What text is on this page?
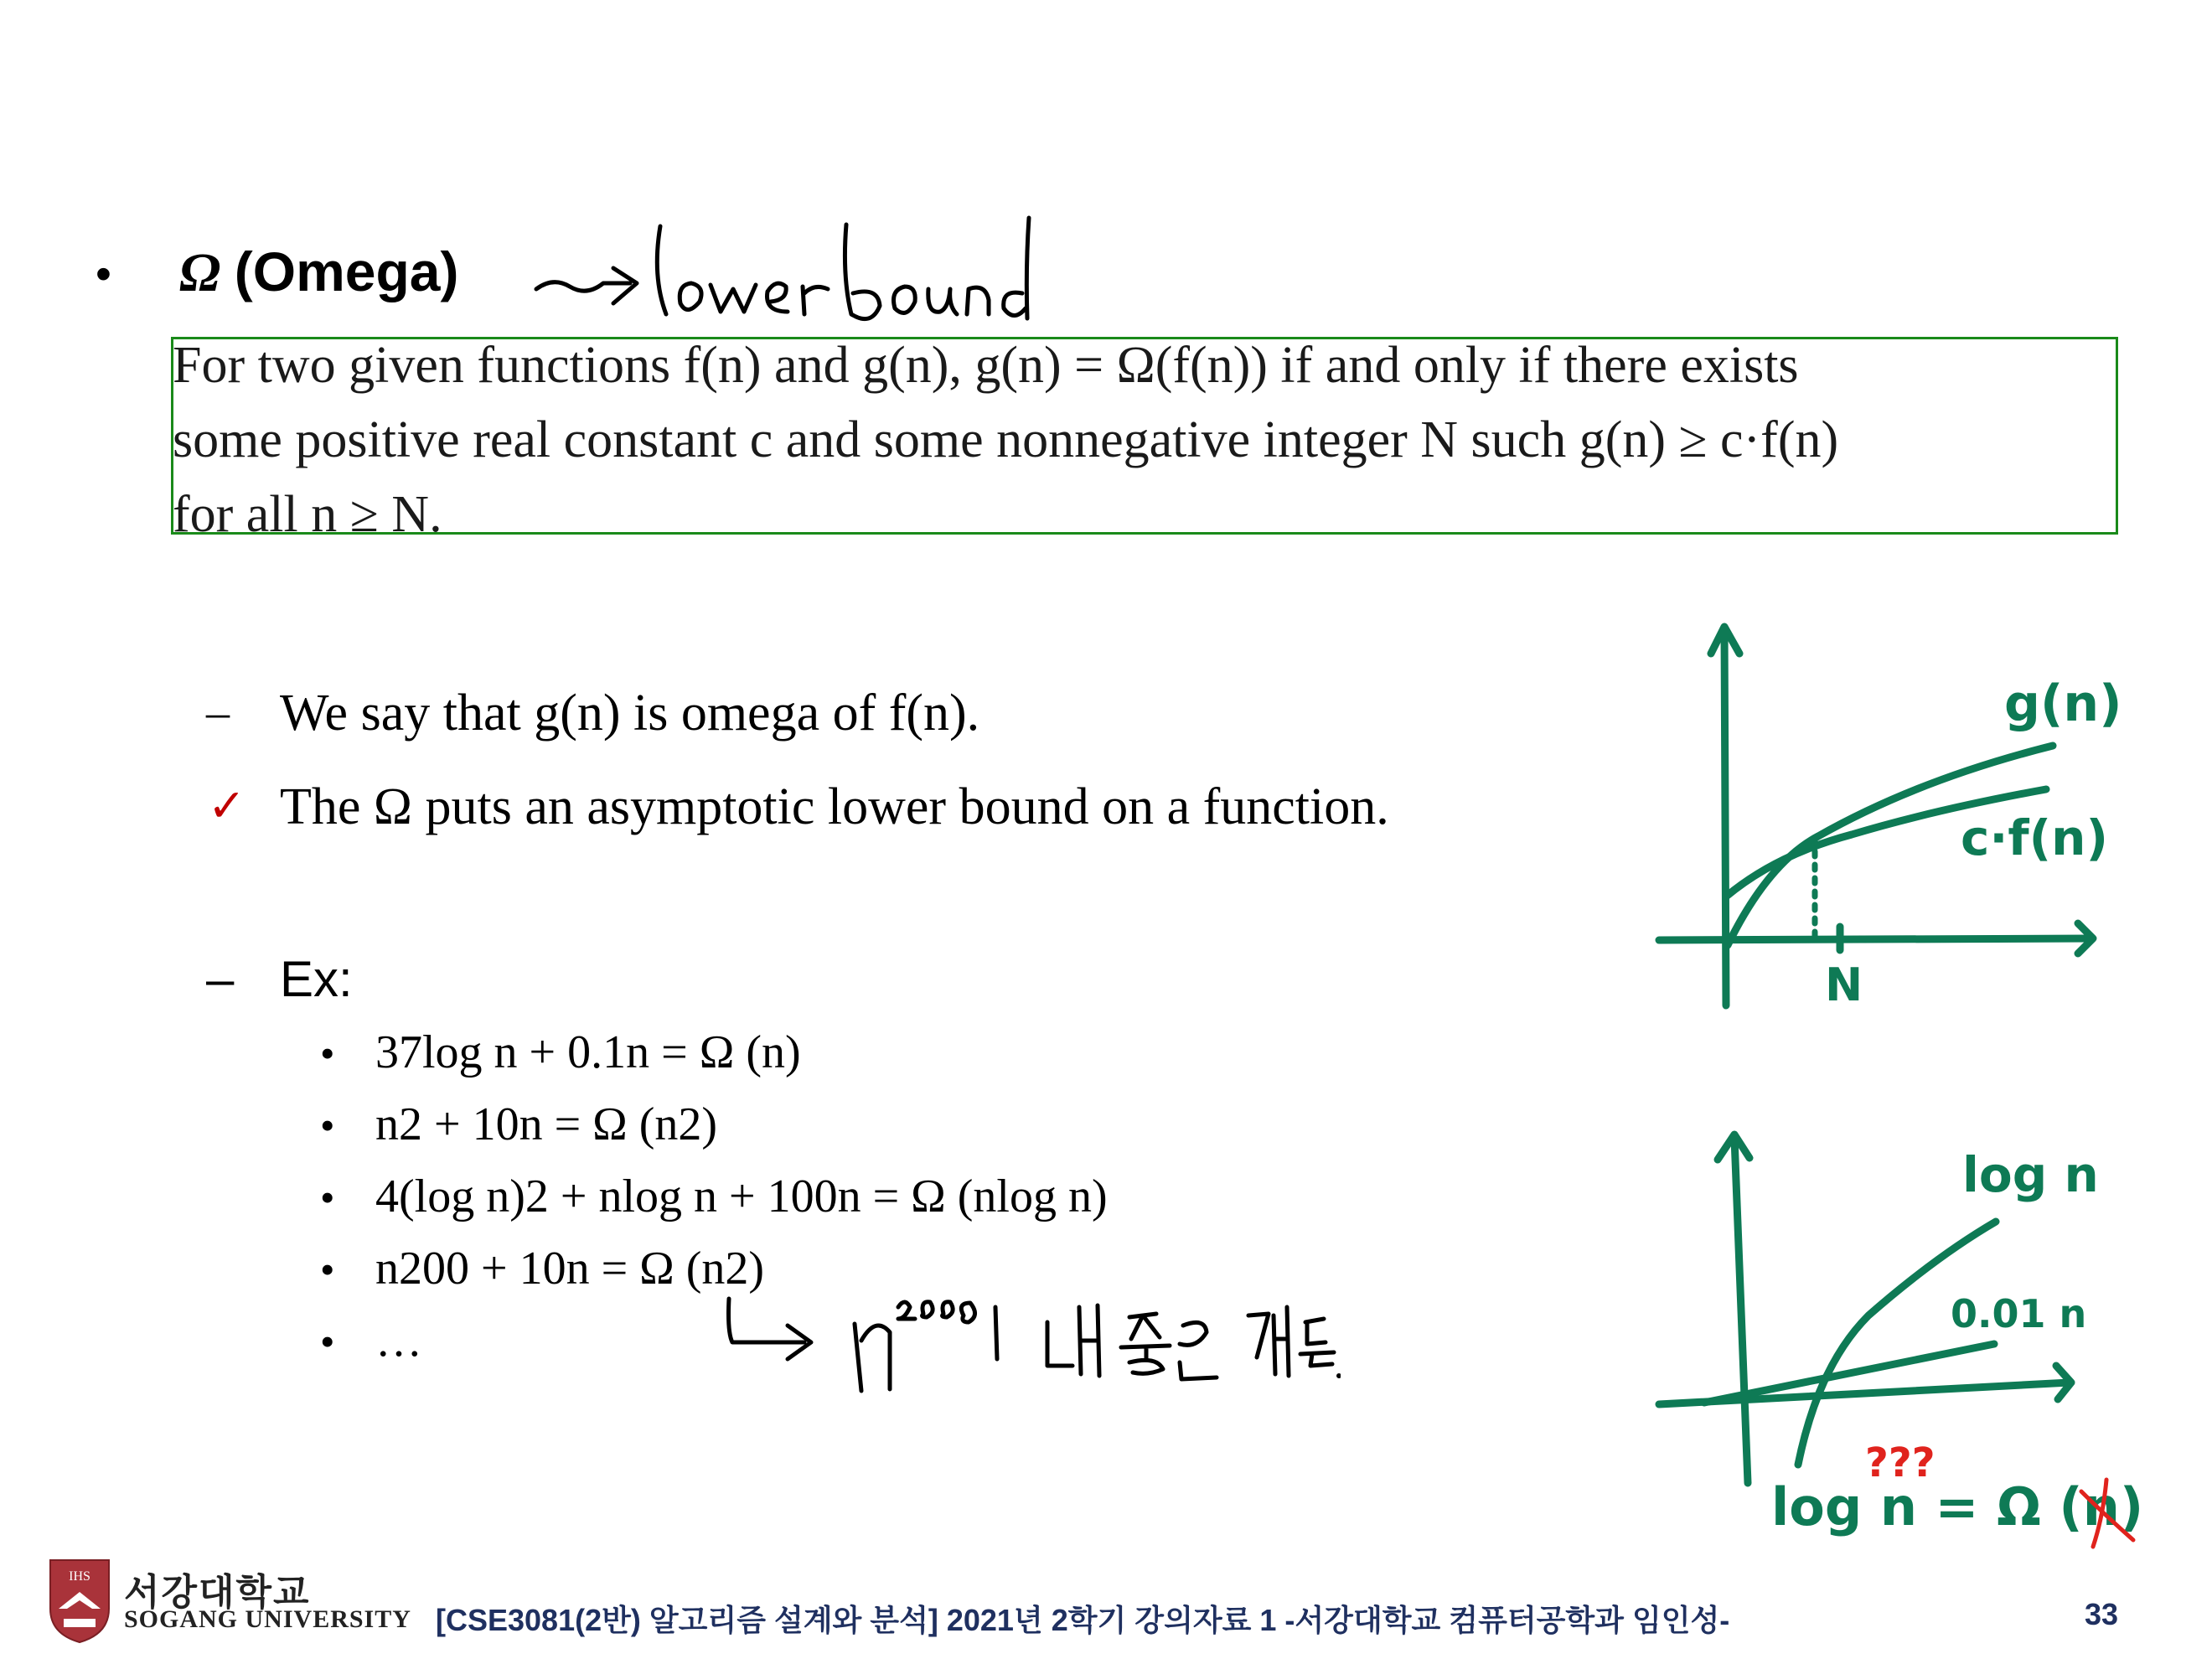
• Ω (Omega)
For two given functions f(n) and g(n), g(n) = Ω(f(n)) if and only if there exists
some positive real constant c and some nonnegative integer N such g(n) ≥ c·f(n)
for all n ≥ N.
– We say that g(n) is omega of f(n).
✓ The Ω puts an asymptotic lower bound on a function.
– Ex:
• 37log n + 0.1n = Ω (n)
• n2 + 10n = Ω (n2)
• 4(log n)2 + nlog n + 100n = Ω (nlog n)
• n200 + 10n = Ω (n2)
• …
g(n)
c·f(n)
N
log n
0.01 n
???
log n = Ω (n)
IHS 서강대학교
SOGANG UNIVERSITY [CSE3081(2반) 알고리즘 설계와 분석] 2021년 2학기 강의자료 1 -서강대학교 컴퓨터공학과 임인성-	33
